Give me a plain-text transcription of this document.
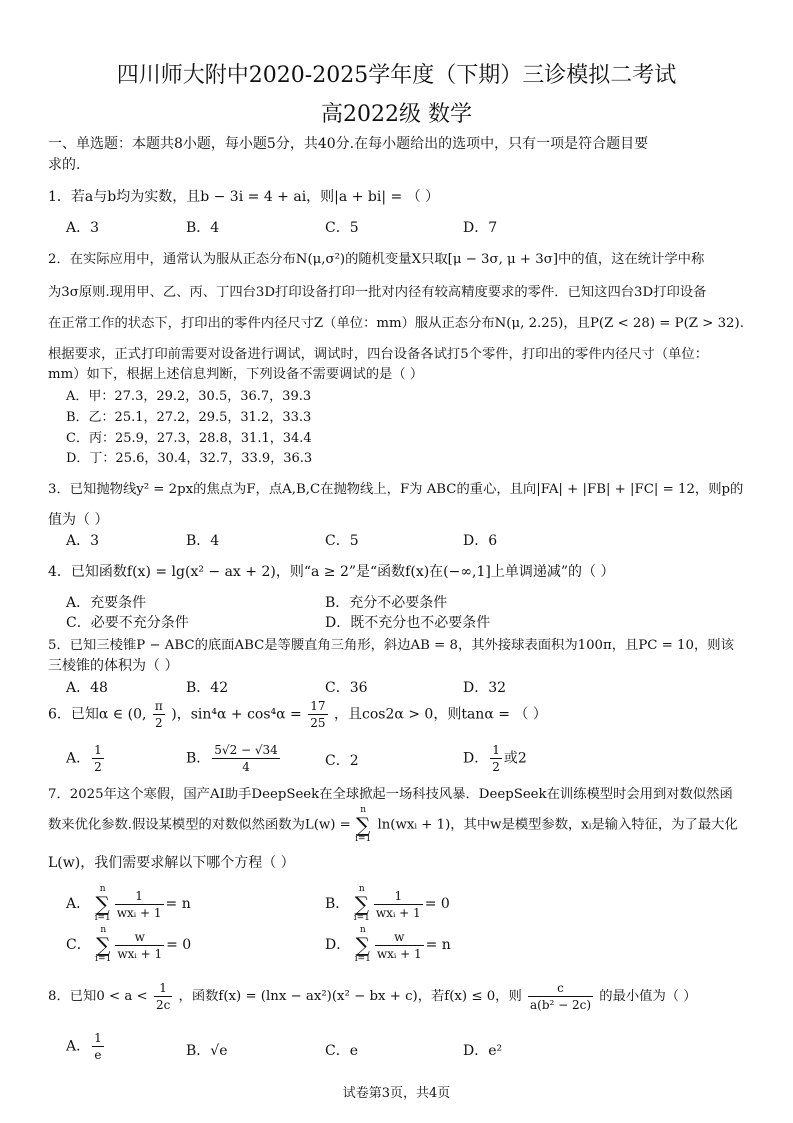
四川师大附中2020-2025学年度（下期）三诊模拟二考试
高2022级 数学
一、单选题：本题共8小题，每小题5分，共40分.在每小题给出的选项中，只有一项是符合题目要
求的.
1．若a与b均为实数，且b − 3i = 4 + ai，则|a + bi| = （ ）
A．3	B．4	C．5	D．7
2．在实际应用中，通常认为服从正态分布N(μ,σ²)的随机变量X只取[μ − 3σ, μ + 3σ]中的值，这在统计学中称
为3σ原则.现用甲、乙、丙、丁四台3D打印设备打印一批对内径有较高精度要求的零件．已知这四台3D打印设备
在正常工作的状态下，打印出的零件内径尺寸Z（单位：mm）服从正态分布N(μ, 2.25)，且P(Z < 28) = P(Z > 32).
根据要求，正式打印前需要对设备进行调试，调试时，四台设备各试打5个零件，打印出的零件内径尺寸（单位：
mm）如下，根据上述信息判断，下列设备不需要调试的是（ ）
A．甲：27.3，29.2，30.5，36.7，39.3
B．乙：25.1，27.2，29.5，31.2，33.3
C．丙：25.9，27.3，28.8，31.1，34.4
D．丁：25.6，30.4，32.7，33.9，36.3
3．已知抛物线y² = 2px的焦点为F，点A,B,C在抛物线上，F为 ABC的重心，且向|FA| + |FB| + |FC| = 12，则p的
值为（ ）
A．3	B．4	C．5	D．6
4．已知函数f(x) = lg(x² − ax + 2)，则“a ≥ 2”是“函数f(x)在(−∞,1]上单调递减”的（ ）
A．充要条件	B．充分不必要条件
C．必要不充分条件	D．既不充分也不必要条件
5．已知三棱锥P − ABC的底面ABC是等腰直角三角形，斜边AB = 8，其外接球表面积为100π，且PC = 10，则该
三棱锥的体积为（ ）
A．48	B．42	C．36	D．32
6．已知α ∈ (0, $\frac{\pi}{2}$ )，$\sin^4\alpha + \cos^4\alpha = \frac{17}{25}$ ，且cos2α > 0，则tanα = （ ）
A． $\frac{1}{2}$	B． $\frac{5√2 - √34}{4}$	C．2	D． $\frac{1}{2}$ 或2
7．2025年这个寒假，国产AI助手DeepSeek在全球掀起一场科技风暴．DeepSeek在训练模型时会用到对数似然函
数来优化参数.假设某模型的对数似然函数为L(w) = n
∑
i=1 ln(wxᵢ + 1)，其中w是模型参数，xᵢ是输入特征，为了最大化
L(w)，我们需要求解以下哪个方程（ ）
A． n
∑
$i=1 \frac{1}{\text{wxᵢ + 1}} = n$	B． n
∑
$i=1 \frac{1}{\text{wxᵢ + 1}} = 0$
C． n
∑
$i=1 \frac{w}{\text{wxᵢ + 1}} = 0$	D． n
∑
$i=1 \frac{w}{\text{wxᵢ + 1}} = n$
8．已知$0 < a < \frac{1}{2c}$ ，函数f(x) = (lnx − ax²)(x² − bx + c)，若f(x) ≤ 0，则 $\frac{c}{\text{a(b² − 2c)}}$ 的最小值为（ ）
A． $\frac{1}{e}$	B．√e	C．e	D．e²
试卷第3页，共4页
